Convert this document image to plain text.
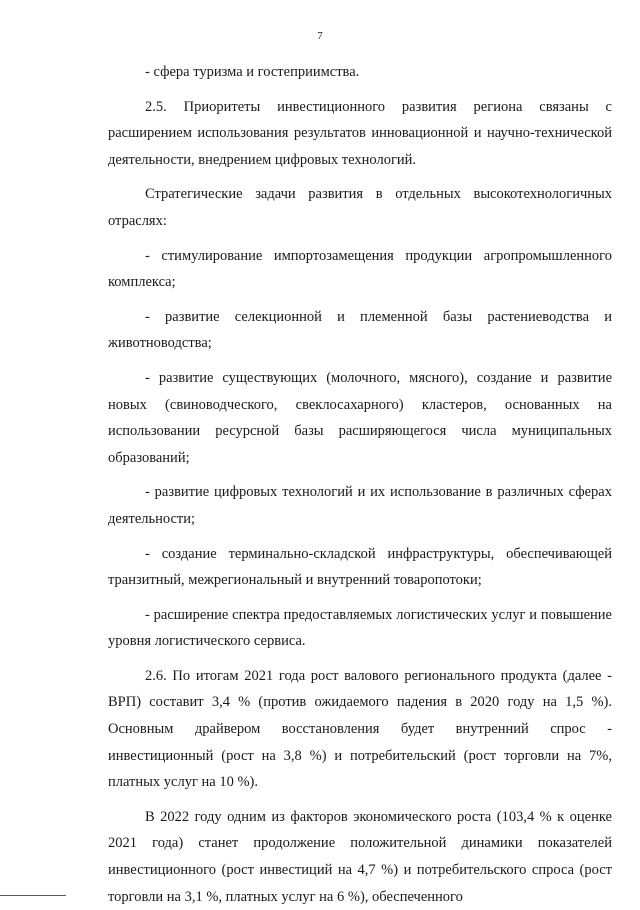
7

- сфера туризма и гостеприимства.

2.5. Приоритеты инвестиционного развития региона связаны с расширением использования результатов инновационной и научно-технической деятельности, внедрением цифровых технологий.

Стратегические задачи развития в отдельных высокотехнологичных отраслях:

- стимулирование импортозамещения продукции агропромышленного комплекса;

- развитие селекционной и племенной базы растениеводства и животноводства;

- развитие существующих (молочного, мясного), создание и развитие новых (свиноводческого, свеклосахарного) кластеров, основанных на использовании ресурсной базы расширяющегося числа муниципальных образований;

- развитие цифровых технологий и их использование в различных сферах деятельности;

- создание терминально-складской инфраструктуры, обеспечивающей транзитный, межрегиональный и внутренний товаропотоки;

- расширение спектра предоставляемых логистических услуг и повышение уровня логистического сервиса.

2.6. По итогам 2021 года рост валового регионального продукта (далее - ВРП) составит 3,4 % (против ожидаемого падения в 2020 году на 1,5 %). Основным драйвером восстановления будет внутренний спрос - инвестиционный (рост на 3,8 %) и потребительский (рост торговли на 7%, платных услуг на 10 %).

В 2022 году одним из факторов экономического роста (103,4 % к оценке 2021 года) станет продолжение положительной динамики показателей инвестиционного (рост инвестиций на 4,7 %) и потребительского спроса (рост торговли на 3,1 %, платных услуг на 6 %), обеспеченного
